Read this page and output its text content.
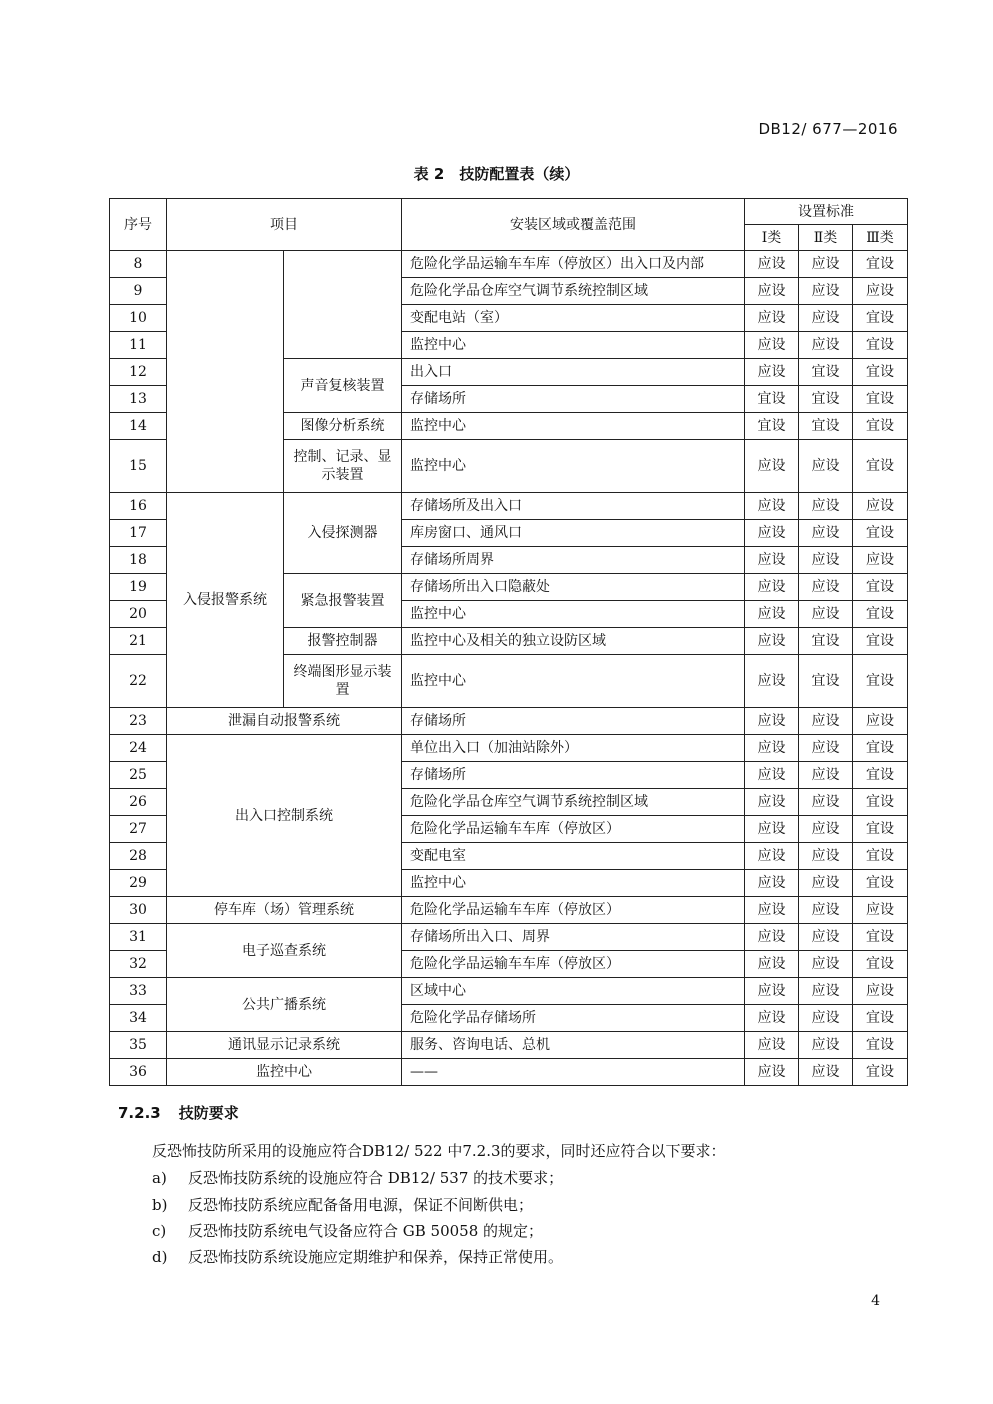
DB12/ 677—2016
表 2　技防配置表（续）
序号	项目		安装区域或覆盖范围	设置标准		
				Ⅰ类	Ⅱ类	Ⅲ类
8			危险化学品运输车车库（停放区）出入口及内部	应设	应设	宜设
9			危险化学品仓库空气调节系统控制区域	应设	应设	应设
10			变配电站（室）	应设	应设	宜设
11			监控中心	应设	应设	宜设
12		声音复核装置	出入口	应设	宜设	宜设
13			存储场所	宜设	宜设	宜设
14		图像分析系统	监控中心	宜设	宜设	宜设
15		控制、记录、显示装置	监控中心	应设	应设	宜设
16	入侵报警系统	入侵探测器	存储场所及出入口	应设	应设	应设
17			库房窗口、通风口	应设	应设	宜设
18			存储场所周界	应设	应设	应设
19		紧急报警装置	存储场所出入口隐蔽处	应设	应设	宜设
20			监控中心	应设	应设	宜设
21		报警控制器	监控中心及相关的独立设防区域	应设	宜设	宜设
22		终端图形显示装置	监控中心	应设	宜设	宜设
23	泄漏自动报警系统		存储场所	应设	应设	应设
24	出入口控制系统		单位出入口（加油站除外）	应设	应设	宜设
25			存储场所	应设	应设	宜设
26			危险化学品仓库空气调节系统控制区域	应设	应设	宜设
27			危险化学品运输车车库（停放区）	应设	应设	宜设
28			变配电室	应设	应设	宜设
29			监控中心	应设	应设	宜设
30	停车库（场）管理系统		危险化学品运输车车库（停放区）	应设	应设	应设
31	电子巡查系统		存储场所出入口、周界	应设	应设	宜设
32			危险化学品运输车车库（停放区）	应设	应设	宜设
33	公共广播系统		区域中心	应设	应设	应设
34			危险化学品存储场所	应设	应设	宜设
35	通讯显示记录系统		服务、咨询电话、总机	应设	应设	宜设
36	监控中心		——	应设	应设	宜设
7.2.3 技防要求
反恐怖技防所采用的设施应符合DB12/ 522 中7.2.3的要求，同时还应符合以下要求：
a) 反恐怖技防系统的设施应符合 DB12/ 537 的技术要求；
b) 反恐怖技防系统应配备备用电源，保证不间断供电；
c) 反恐怖技防系统电气设备应符合 GB 50058 的规定；
d) 反恐怖技防系统设施应定期维护和保养，保持正常使用。
4
